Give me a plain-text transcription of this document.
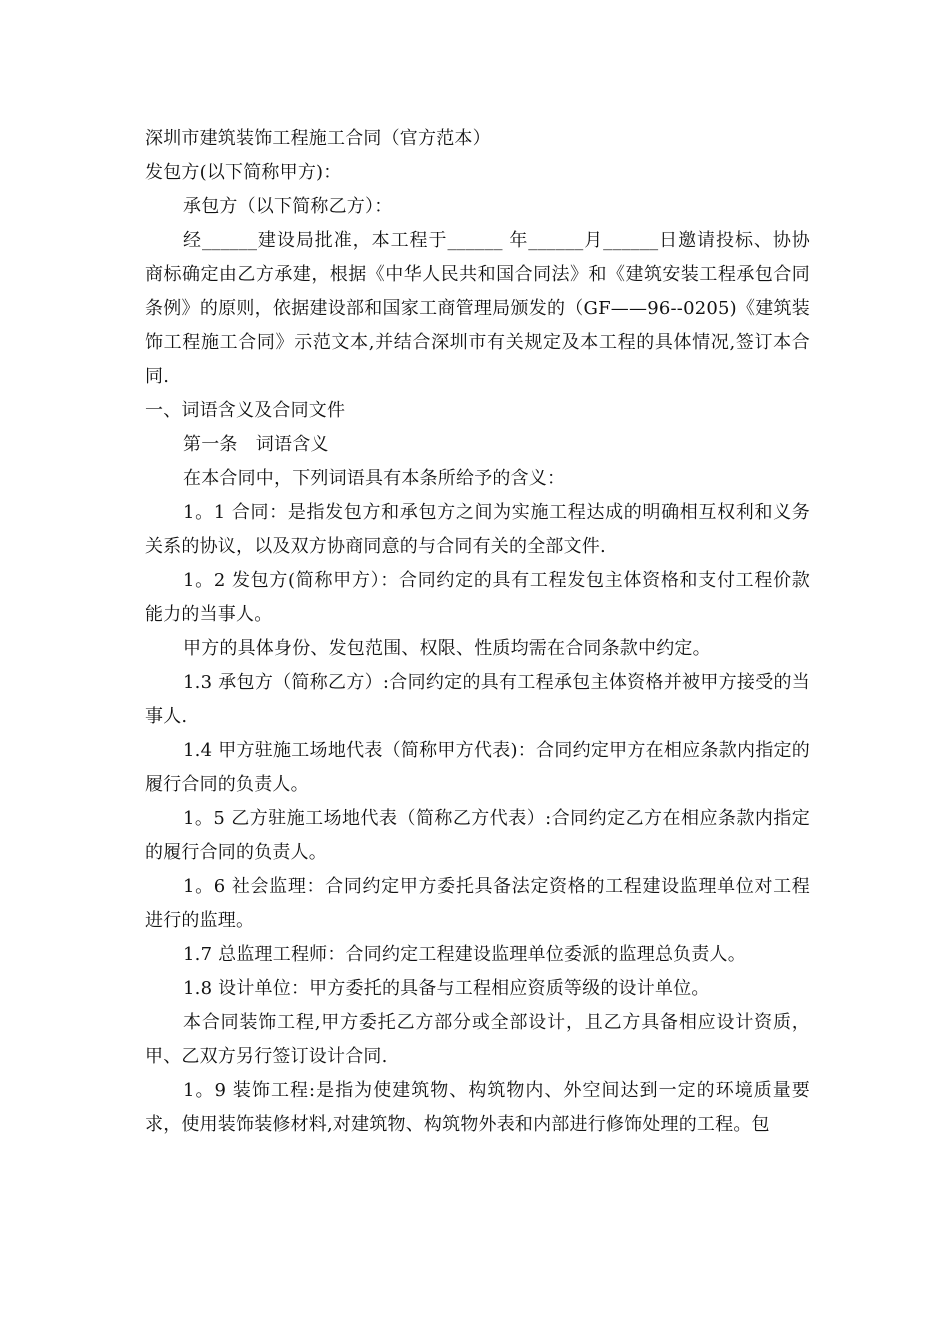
深圳市建筑装饰工程施工合同（官方范本）

发包方(以下简称甲方)：

承包方（以下简称乙方）：

经______建设局批准，本工程于______ 年______月______日邀请投标、协协商标确定由乙方承建，根据《中华人民共和国合同法》和《建筑安装工程承包合同条例》的原则，依据建设部和国家工商管理局颁发的（GF——96--0205)《建筑装饰工程施工合同》示范文本,并结合深圳市有关规定及本工程的具体情况,签订本合同.

一、词语含义及合同文件

第一条　词语含义

在本合同中，下列词语具有本条所给予的含义：

1。1 合同：是指发包方和承包方之间为实施工程达成的明确相互权利和义务关系的协议，以及双方协商同意的与合同有关的全部文件.

1。2 发包方(简称甲方）：合同约定的具有工程发包主体资格和支付工程价款能力的当事人。

甲方的具体身份、发包范围、权限、性质均需在合同条款中约定。

1.3 承包方（简称乙方）:合同约定的具有工程承包主体资格并被甲方接受的当事人.

1.4 甲方驻施工场地代表（简称甲方代表)：合同约定甲方在相应条款内指定的履行合同的负责人。

1。5 乙方驻施工场地代表（简称乙方代表）:合同约定乙方在相应条款内指定的履行合同的负责人。

1。6 社会监理：合同约定甲方委托具备法定资格的工程建设监理单位对工程进行的监理。

1.7 总监理工程师：合同约定工程建设监理单位委派的监理总负责人。

1.8 设计单位：甲方委托的具备与工程相应资质等级的设计单位。

本合同装饰工程,甲方委托乙方部分或全部设计，且乙方具备相应设计资质，甲、乙双方另行签订设计合同.

1。9 装饰工程:是指为使建筑物、构筑物内、外空间达到一定的环境质量要求，使用装饰装修材料,对建筑物、构筑物外表和内部进行修饰处理的工程。包
